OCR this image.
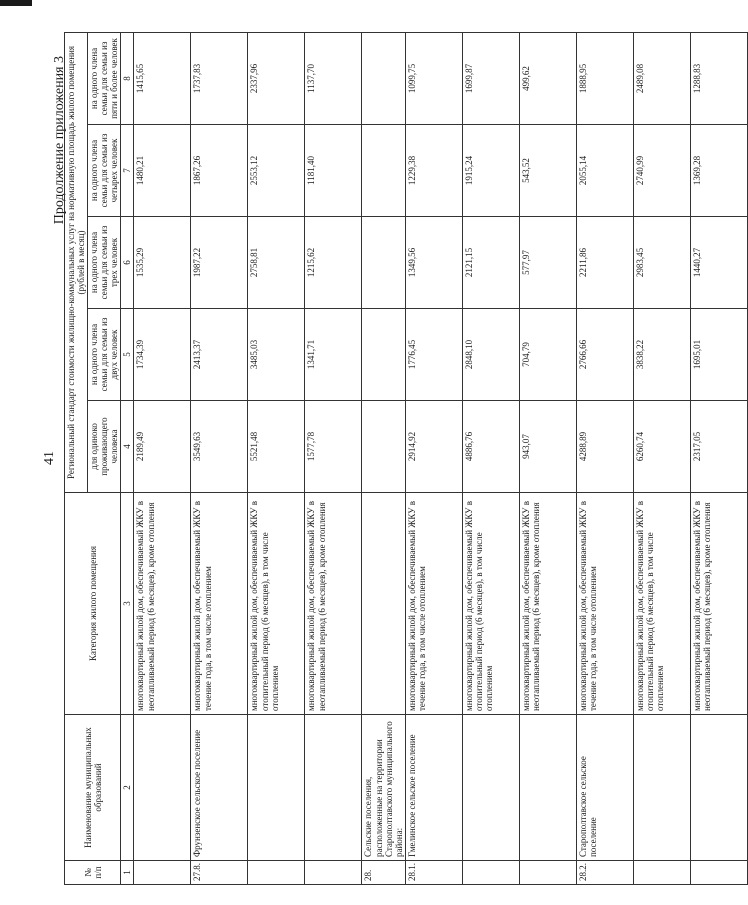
41
Продолжение приложения 3
№ п/п	Наименование муниципальных образований	Категория жилого помещения	Региональный стандарт стоимости жилищно-коммунальных услуг на нормативную площадь жилого помещения (рублей в месяц)				
			для одиноко проживающего человека	на одного члена семьи для семьи из двух человек	на одного члена семьи для семьи из трех человек	на одного члена семьи для семьи из четырех человек	на одного члена семьи для семьи из пяти и более человек
1	2	3	4	5	6	7	8
		многоквартирный жилой дом, обеспечиваемый ЖКУ в неотапливаемый период (6 месяцев), кроме отопления	2189,49	1734,39	1535,29	1480,21	1415,65
27.8.	Фрунзенское сельское поселение	многоквартирный жилой дом, обеспечиваемый ЖКУ в течение года, в том числе отоплением	3549,63	2413,37	1987,22	1867,26	1737,83
		многоквартирный жилой дом, обеспечиваемый ЖКУ в отопительный период (6 месяцев), в том числе отоплением	5521,48	3485,03	2758,81	2553,12	2337,96
		многоквартирный жилой дом, обеспечиваемый ЖКУ в неотапливаемый период (6 месяцев), кроме отопления	1577,78	1341,71	1215,62	1181,40	1137,70
28.	Сельские поселения, расположенные на территории Старополтавского муниципального района:						
28.1.	Гмелинское сельское поселение	многоквартирный жилой дом, обеспечиваемый ЖКУ в течение года, в том числе отоплением	2914,92	1776,45	1349,56	1229,38	1099,75
		многоквартирный жилой дом, обеспечиваемый ЖКУ в отопительный период (6 месяцев), в том числе отоплением	4886,76	2848,10	2121,15	1915,24	1699,87
		многоквартирный жилой дом, обеспечиваемый ЖКУ в неотапливаемый период (6 месяцев), кроме отопления	943,07	704,79	577,97	543,52	499,62
28.2.	Старополтавское сельское поселение	многоквартирный жилой дом, обеспечиваемый ЖКУ в течение года, в том числе отоплением	4288,89	2766,66	2211,86	2055,14	1888,95
		многоквартирный жилой дом, обеспечиваемый ЖКУ в отопительный период (6 месяцев), в том числе отоплением	6260,74	3838,22	2983,45	2740,99	2489,08
		многоквартирный жилой дом, обеспечиваемый ЖКУ в неотапливаемый период (6 месяцев), кроме отопления	2317,05	1695,01	1440,27	1369,28	1288,83
